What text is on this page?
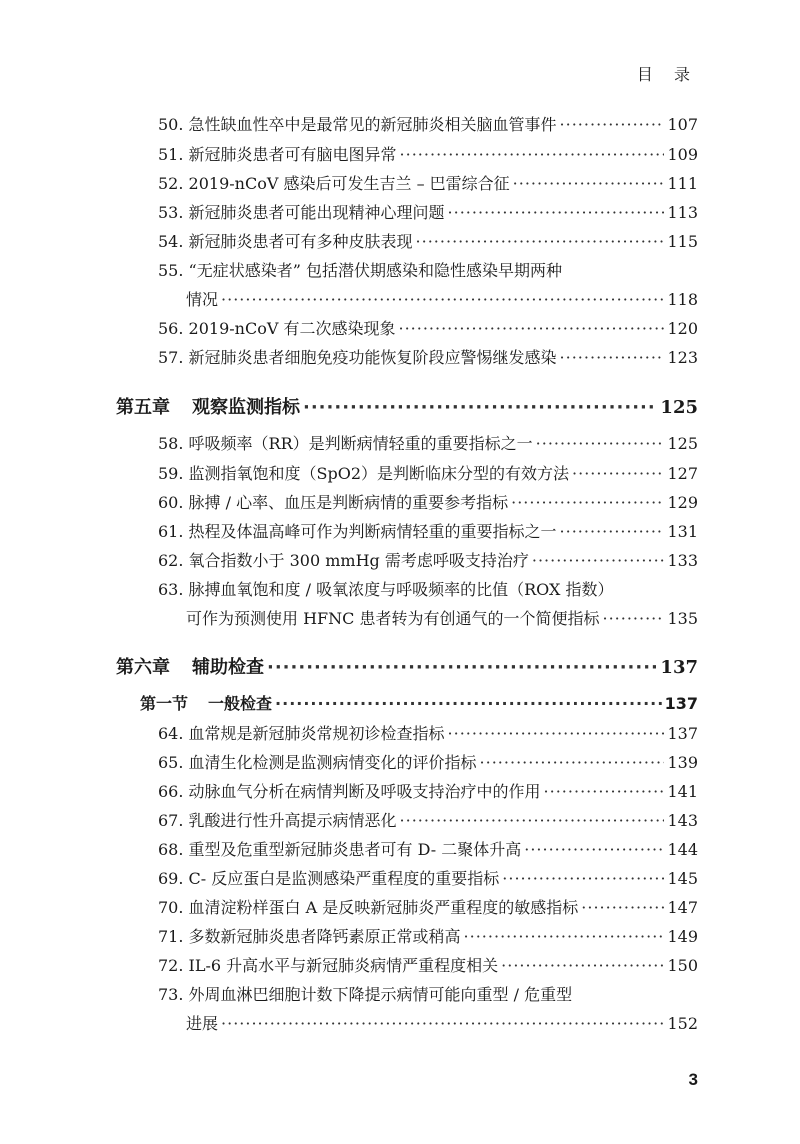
目 录
50. 急性缺血性卒中是最常见的新冠肺炎相关脑血管事件 ·····	107
51. 新冠肺炎患者可有脑电图异常 ·····	109
52. 2019-nCoV 感染后可发生吉兰 – 巴雷综合征 ·····	111
53. 新冠肺炎患者可能出现精神心理问题 ·····	113
54. 新冠肺炎患者可有多种皮肤表现 ·····	115
55. “无症状感染者” 包括潜伏期感染和隐性感染早期两种
情况 ·····	118
56. 2019-nCoV 有二次感染现象 ·····	120
57. 新冠肺炎患者细胞免疫功能恢复阶段应警惕继发感染 ·····	123
第五章 观察监测指标 ·····	125
58. 呼吸频率（RR）是判断病情轻重的重要指标之一 ·····	125
59. 监测指氧饱和度（SpO2）是判断临床分型的有效方法 ·····	127
60. 脉搏 / 心率、血压是判断病情的重要参考指标 ·····	129
61. 热程及体温高峰可作为判断病情轻重的重要指标之一 ·····	131
62. 氧合指数小于 300 mmHg 需考虑呼吸支持治疗 ·····	133
63. 脉搏血氧饱和度 / 吸氧浓度与呼吸频率的比值（ROX 指数）
可作为预测使用 HFNC 患者转为有创通气的一个简便指标 ·····	135
第六章 辅助检查 ·····	137
第一节 一般检查 ·····	137
64. 血常规是新冠肺炎常规初诊检查指标 ·····	137
65. 血清生化检测是监测病情变化的评价指标 ·····	139
66. 动脉血气分析在病情判断及呼吸支持治疗中的作用 ·····	141
67. 乳酸进行性升高提示病情恶化 ·····	143
68. 重型及危重型新冠肺炎患者可有 D- 二聚体升高 ·····	144
69. C- 反应蛋白是监测感染严重程度的重要指标 ·····	145
70. 血清淀粉样蛋白 A 是反映新冠肺炎严重程度的敏感指标 ·····	147
71. 多数新冠肺炎患者降钙素原正常或稍高 ·····	149
72. IL-6 升高水平与新冠肺炎病情严重程度相关 ·····	150
73. 外周血淋巴细胞计数下降提示病情可能向重型 / 危重型
进展 ·····	152
3
